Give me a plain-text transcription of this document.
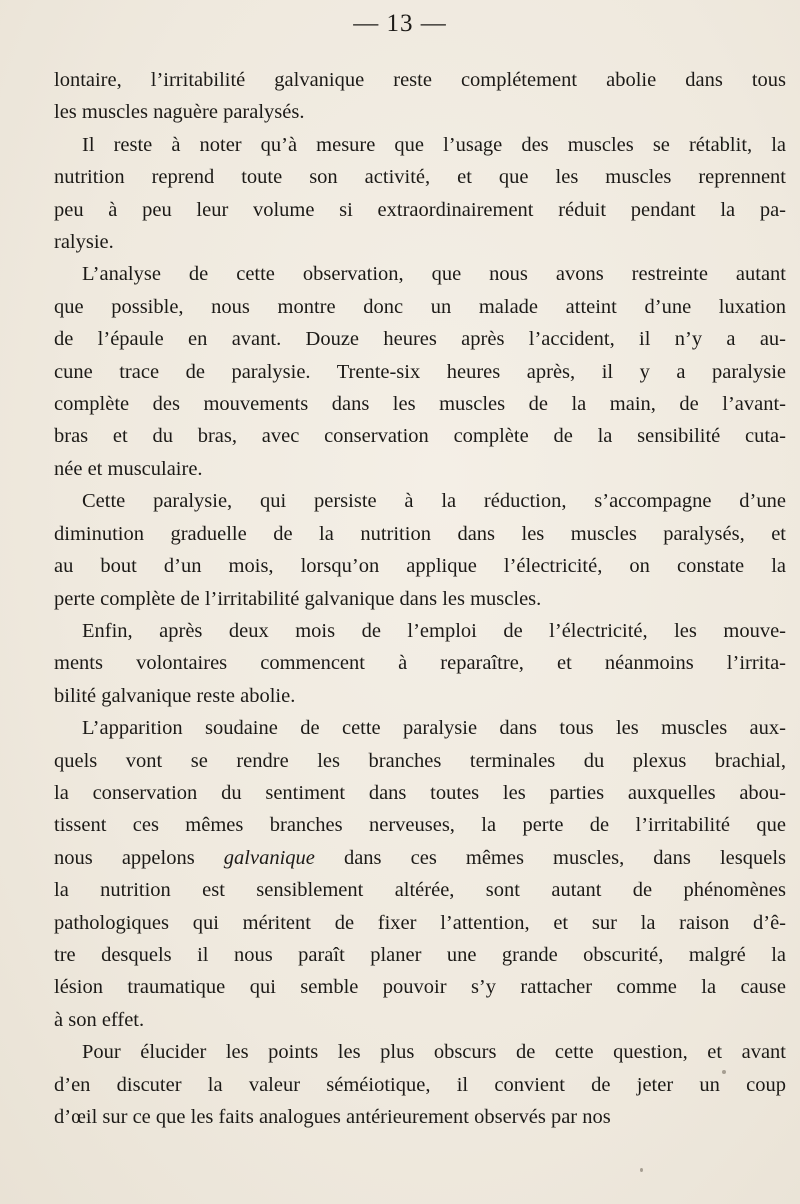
— 13 —

lontaire, l’irritabilité galvanique reste complétement abolie dans tous
les muscles naguère paralysés.

Il reste à noter qu’à mesure que l’usage des muscles se rétablit, la
nutrition reprend toute son activité, et que les muscles reprennent
peu à peu leur volume si extraordinairement réduit pendant la pa-
ralysie.

L’analyse de cette observation, que nous avons restreinte autant
que possible, nous montre donc un malade atteint d’une luxation
de l’épaule en avant. Douze heures après l’accident, il n’y a au-
cune trace de paralysie. Trente-six heures après, il y a paralysie
complète des mouvements dans les muscles de la main, de l’avant-
bras et du bras, avec conservation complète de la sensibilité cuta-
née et musculaire.

Cette paralysie, qui persiste à la réduction, s’accompagne d’une
diminution graduelle de la nutrition dans les muscles paralysés, et
au bout d’un mois, lorsqu’on applique l’électricité, on constate la
perte complète de l’irritabilité galvanique dans les muscles.

Enfin, après deux mois de l’emploi de l’électricité, les mouve-
ments volontaires commencent à reparaître, et néanmoins l’irrita-
bilité galvanique reste abolie.

L’apparition soudaine de cette paralysie dans tous les muscles aux-
quels vont se rendre les branches terminales du plexus brachial,
la conservation du sentiment dans toutes les parties auxquelles abou-
tissent ces mêmes branches nerveuses, la perte de l’irritabilité que
nous appelons galvanique dans ces mêmes muscles, dans lesquels
la nutrition est sensiblement altérée, sont autant de phénomènes
pathologiques qui méritent de fixer l’attention, et sur la raison d’ê-
tre desquels il nous paraît planer une grande obscurité, malgré la
lésion traumatique qui semble pouvoir s’y rattacher comme la cause
à son effet.

Pour élucider les points les plus obscurs de cette question, et avant
d’en discuter la valeur séméiotique, il convient de jeter un coup
d’œil sur ce que les faits analogues antérieurement observés par nos
